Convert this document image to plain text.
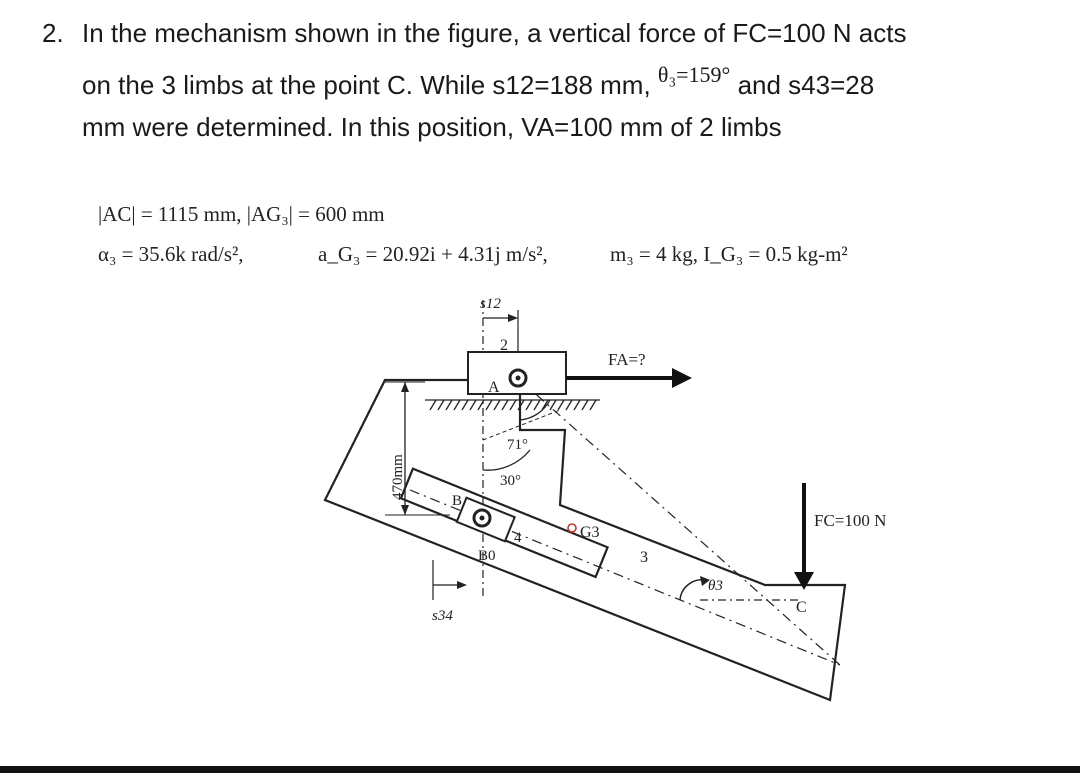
2. In the mechanism shown in the figure, a vertical force of FC=100 N acts
on the 3 limbs at the point C. While s12=188 mm, $^{\theta_3=159^\circ}$ and s43=28
mm were determined. In this position, VA=100 mm of 2 limbs
|AC| = 1115 mm, |AG₃| = 600 mm
α₃ = 35.6k rad/s²,	a_G₃ = 20.92i + 4.31j m/s²,	m₃ = 4 kg, I_G₃ = 0.5 kg-m²
s12
2
A
FA=?
71°
30°
470mm
B
4
B0
G3
3
θ3
FC=100 N
C
s34
